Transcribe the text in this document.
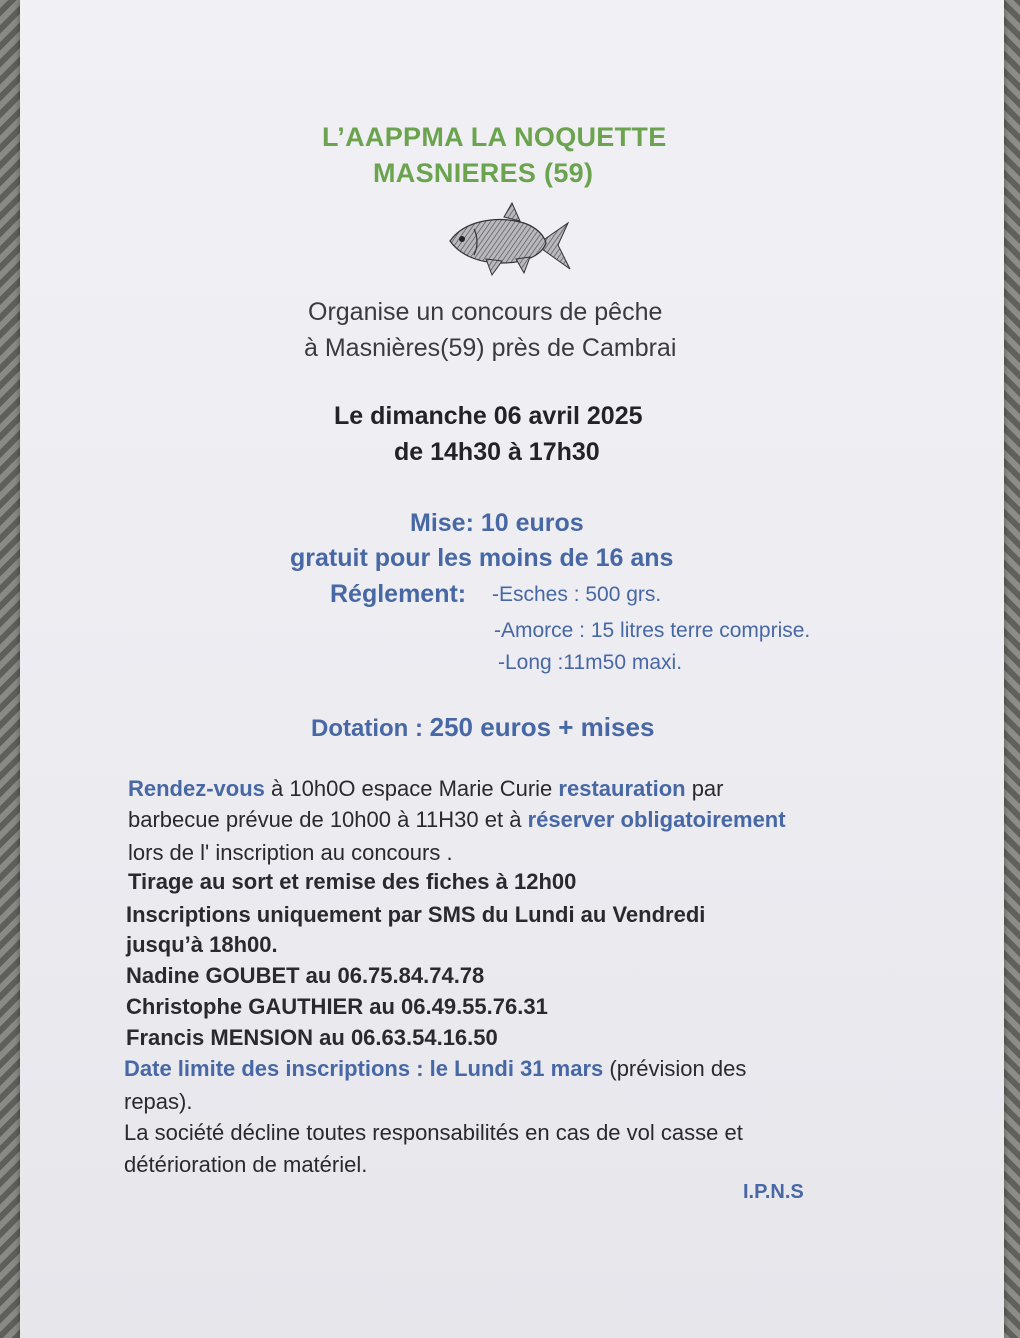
L’AAPPMA LA NOQUETTE
MASNIERES (59)
Organise un concours de pêche
à Masnières(59) près de Cambrai
Le dimanche 06 avril 2025
de 14h30 à 17h30
Mise: 10 euros
gratuit pour les moins de 16 ans
Réglement: -Esches : 500 grs.
-Amorce : 15 litres terre comprise.
-Long :11m50 maxi.
Dotation : 250 euros + mises
Rendez-vous à 10h0O espace Marie Curie restauration par
barbecue prévue de 10h00 à 11H30 et à réserver obligatoirement
lors de l' inscription au concours .
Tirage au sort et remise des fiches à 12h00
Inscriptions uniquement par SMS du Lundi au Vendredi
jusqu’à 18h00.
Nadine GOUBET au 06.75.84.74.78
Christophe GAUTHIER au 06.49.55.76.31
Francis MENSION au 06.63.54.16.50
Date limite des inscriptions : le Lundi 31 mars (prévision des
repas).
La société décline toutes responsabilités en cas de vol casse et
détérioration de matériel.
I.P.N.S
